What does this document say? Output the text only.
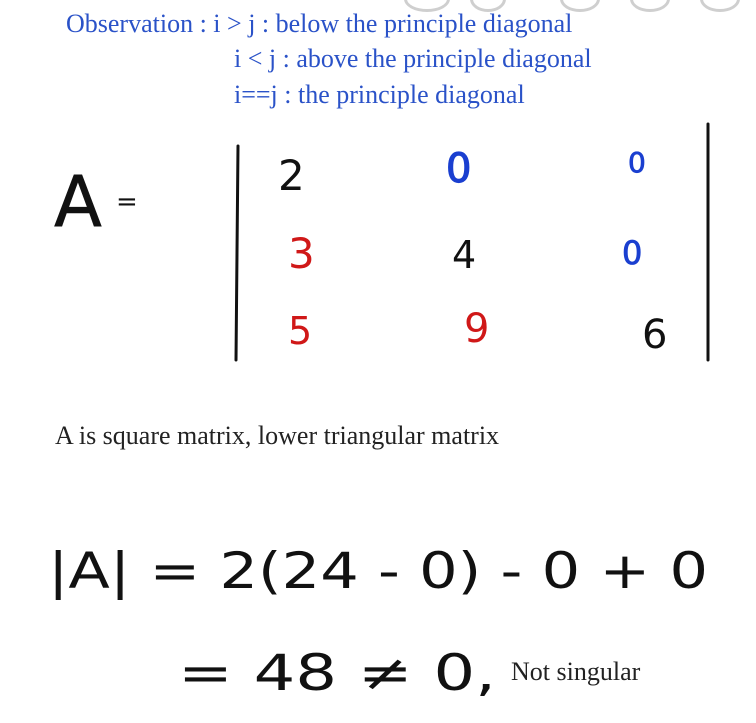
Observation : i > j : below the principle diagonal
i < j : above the principle diagonal
i==j : the principle diagonal
A =
2	0	0
3	4	0
5	9	6
|A| = 2(24 - 0) - 0 + 0
= 48 ≠ 0,
A is square matrix, lower triangular matrix
Not singular
